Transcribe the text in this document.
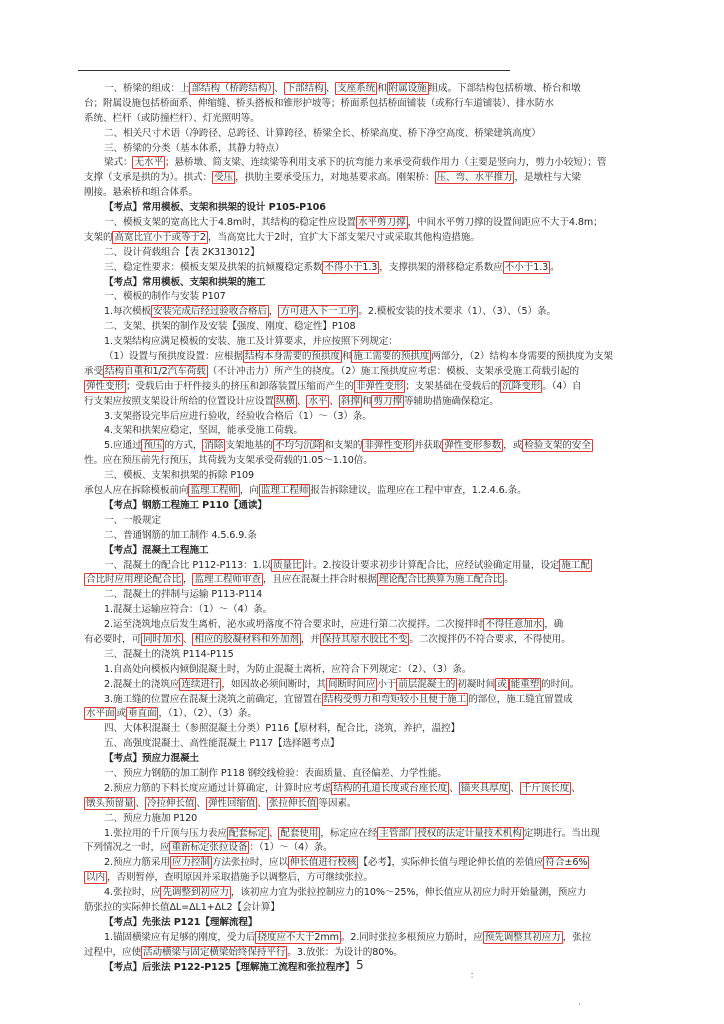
一、桥梁的组成：上 部结构（桥跨结构） 、 下部结构 、 支座系统 和 附属设施 组成。下部结构包括桥墩、桥台和墩
台；附属设施包括桥面系、伸缩缝、桥头搭板和锥形护坡等；桥面系包括桥面铺装（或称行车道铺装）、排水防水
系统、栏杆（或防撞栏杆）、灯光照明等。
二、相关尺寸术语（净跨径、总跨径、计算跨径、桥梁全长、桥梁高度、桥下净空高度、桥梁建筑高度）
三、桥梁的分类（基本体系，其静力特点）
梁式： 无水平 ；悬桥墩、简支梁、连续梁等利用支承下的抗弯能力来承受荷载作用力（主要是竖向力，剪力小较短）；管
支撑（支承是拱的为）。拱式： 受压 ，拱肋主要承受压力，对地基要求高。刚架桥： 压、弯、水平推力 ，是墩柱与大梁
刚接。悬索桥和组合体系。
【考点】常用模板、支架和拱架的设计 P105-P106
一、模板支架的宽高比大于4.8m时，其结构的稳定性应设置 水平剪刀撑 ，中间水平剪刀撑的设置间距应不大于4.8m；
支架的 高宽比宜小于或等于2 ，当高宽比大于2时，宜扩大下部支架尺寸或采取其他构造措施。
二、设计荷载组合【表 2K313012】
三、稳定性要求：模板支架及拱架的抗倾覆稳定系数 不得小于1.3 ，支撑拱架的滑移稳定系数应 不小于1.3 。
【考点】常用模板、支架和拱架的施工
一、模板的制作与安装 P107
1.每次模板 安装完成后经过验收合格后 ， 方可进入下一工序 。2.模板安装的技术要求（1）、（3）、（5）条。
二、支架、拱架的制作及安装【强度、刚度、稳定性】P108
1.支架结构应满足模板的安装、施工及计算要求，并应按照下列规定：
（1）设置与预拱度设置：应根据 结构本身需要的预拱度 和 施工需要的预拱度 两部分，（2）结构本身需要的预拱度为支架
承受 结构自重和1/2汽车荷载 （不计冲击力）所产生的挠度。（2）施工预拱度应考虑：模板、支架承受施工荷载引起的
弹性变形 ；受载后由于杆件接头的挤压和卸落装置压缩而产生的 非弹性变形 ；支架基础在受载后的 沉降变形 。（4）自
行支架应按照支架设计所给的位置设计应设置 纵横 、 水平 、 斜撑 和 剪刀撑 等辅助措施确保稳定。
3.支架搭设完毕后应进行验收，经验收合格后（1）～（3）条。
4.支架和拱架应稳定，坚固，能承受施工荷载。
5.应通过 预压 的方式， 消除 支架地基的 不均匀沉降 和支架的 非弹性变形 并获取 弹性变形参数 ，或 检验支架的安全
性。应在预压前先行预压，其荷载为支架承受荷载的1.05～1.10倍。
三、模板、支架和拱架的拆除 P109
承包人应在拆除模板前向 监理工程师 ，向 监理工程师 报告拆除建议，监理应在工程中审查，1.2.4.6.条。
【考点】钢筋工程施工 P110【通读】
一、一般规定
二、普通钢筋的加工制作 4.5.6.9.条
【考点】混凝土工程施工
一、混凝土的配合比 P112-P113：1.以 质量比 计。2.按设计要求初步计算配合比，应经试验确定用量，设定 施工配
合比时应用理论配合比 ， 监理工程师审查 ，且应在混凝土拌合时根据 理论配合比换算为施工配合比 。
二、混凝土的拌制与运输 P113-P114
1.混凝土运输应符合：（1）～（4）条。
2.运至浇筑地点后发生离析、泌水或坍落度不符合要求时，应进行第二次搅拌。二次搅拌时 不得任意加水 ，确
有必要时，可 同时加水 、 相应的胶凝材料和外加剂 ，并 保持其原水胶比不变 。二次搅拌仍不符合要求，不得使用。
三、混凝土的浇筑 P114-P115
1.自高处向模板内倾倒混凝土时，为防止混凝土离析，应符合下列规定：（2）、（3）条。
2.混凝土的浇筑应 连续进行 ，如因故必须间断时，其 间断时间应 小于 前层混凝土的 初凝时间 或 能重塑 的时间。
3.施工缝的位置应在混凝土浇筑之前确定，宜留置在 结构受剪力和弯矩较小且便于施工 的部位，施工缝宜留置成
水平面 或 垂直面 ，（1）、（2）、（3）条。
四、大体积混凝土（参照混凝土分类）P116【原材料，配合比，浇筑，养护，温控】
五、高强度混凝土、高性能混凝土 P117【选择题考点】
【考点】预应力混凝土
一、预应力钢筋的加工制作 P118 钢绞线检验：表面质量、直径偏差、力学性能。
2.预应力筋的下料长度应通过计算确定，计算时应考虑 结构的孔道长度或台座长度 、 锚夹具厚度 、 千斤顶长度 、
镦头预留量 、 冷拉伸长值 、 弹性回缩值 、 张拉伸长值 等因素。
二、预应力施加 P120
1.张拉用的千斤顶与压力表应 配套标定 、 配套使用 ，标定应在经 主管部门授权的法定计量技术机构 定期进行。当出现
下列情况之一时，应 重新标定张拉设备 ：（1）～（4）条。
2.预应力筋采用 应力控制 方法张拉时，应以 伸长值进行校核 【必考】，实际伸长值与理论伸长值的差值应 符合±6%
以内 ，否则暂停，查明原因并采取措施予以调整后，方可继续张拉。
4.张拉时，应 先调整到初应力 ，该初应力宜为张拉控制应力的10%～25%，伸长值应从初应力时开始量测，预应力
筋张拉的实际伸长值ΔL=ΔL1+ΔL2【会计算】
【考点】先张法 P121【理解流程】
1.锚固横梁应有足够的刚度，受力后 挠度应不大于2mm 。2.同时张拉多根预应力筋时，应 预先调整其初应力 ，张拉
过程中，应使 活动横梁与固定横梁始终保持平行 。3.放张：为设计的80%。
【考点】后张法 P122-P125【理解施工流程和张拉程序】 5
：
·
